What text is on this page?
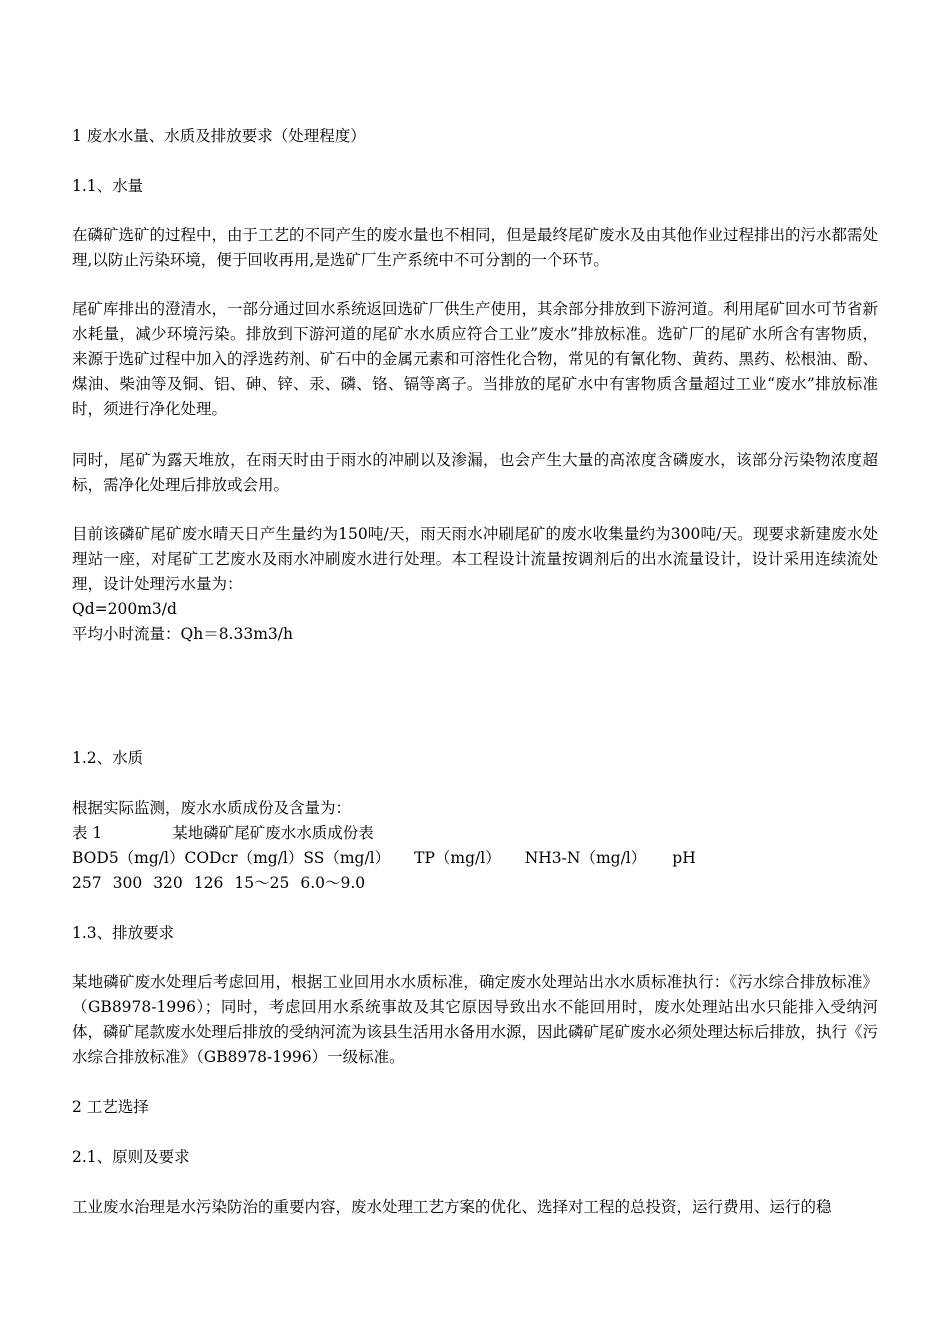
1 废水水量、水质及排放要求（处理程度）
1.1、水量
在磷矿选矿的过程中，由于工艺的不同产生的废水量也不相同，但是最终尾矿废水及由其他作业过程排出的污水都需处理,以防止污染环境，便于回收再用,是选矿厂生产系统中不可分割的一个环节。
尾矿库排出的澄清水，一部分通过回水系统返回选矿厂供生产使用，其余部分排放到下游河道。利用尾矿回水可节省新水耗量，减少环境污染。排放到下游河道的尾矿水水质应符合工业”废水”排放标准。选矿厂的尾矿水所含有害物质，来源于选矿过程中加入的浮选药剂、矿石中的金属元素和可溶性化合物，常见的有氰化物、黄药、黑药、松根油、酚、煤油、柴油等及铜、铝、砷、锌、汞、磷、铬、镉等离子。当排放的尾矿水中有害物质含量超过工业“废水”排放标准时，须进行净化处理。
同时，尾矿为露天堆放，在雨天时由于雨水的冲刷以及渗漏，也会产生大量的高浓度含磷废水，该部分污染物浓度超标，需净化处理后排放或会用。
目前该磷矿尾矿废水晴天日产生量约为150吨/天，雨天雨水冲刷尾矿的废水收集量约为300吨/天。现要求新建废水处理站一座，对尾矿工艺废水及雨水冲刷废水进行处理。本工程设计流量按调剂后的出水流量设计，设计采用连续流处理，设计处理污水量为：
Qd=200m3/d
平均小时流量：Qh＝8.33m3/h
1.2、水质
根据实际监测，废水水质成份及含量为：
表 1	某地磷矿尾矿废水水质成份表
BOD5（mg/l）CODcr（mg/l）SS（mg/l） TP（mg/l） NH3-N（mg/l） pH
257 300 320 126 15～25 6.0～9.0
1.3、排放要求
某地磷矿废水处理后考虑回用，根据工业回用水水质标准，确定废水处理站出水水质标准执行：《污水综合排放标准》（GB8978-1996）；同时，考虑回用水系统事故及其它原因导致出水不能回用时，废水处理站出水只能排入受纳河体，磷矿尾款废水处理后排放的受纳河流为该县生活用水备用水源，因此磷矿尾矿废水必须处理达标后排放，执行《污水综合排放标准》（GB8978-1996）一级标准。
2 工艺选择
2.1、原则及要求
工业废水治理是水污染防治的重要内容，废水处理工艺方案的优化、选择对工程的总投资，运行费用、运行的稳
